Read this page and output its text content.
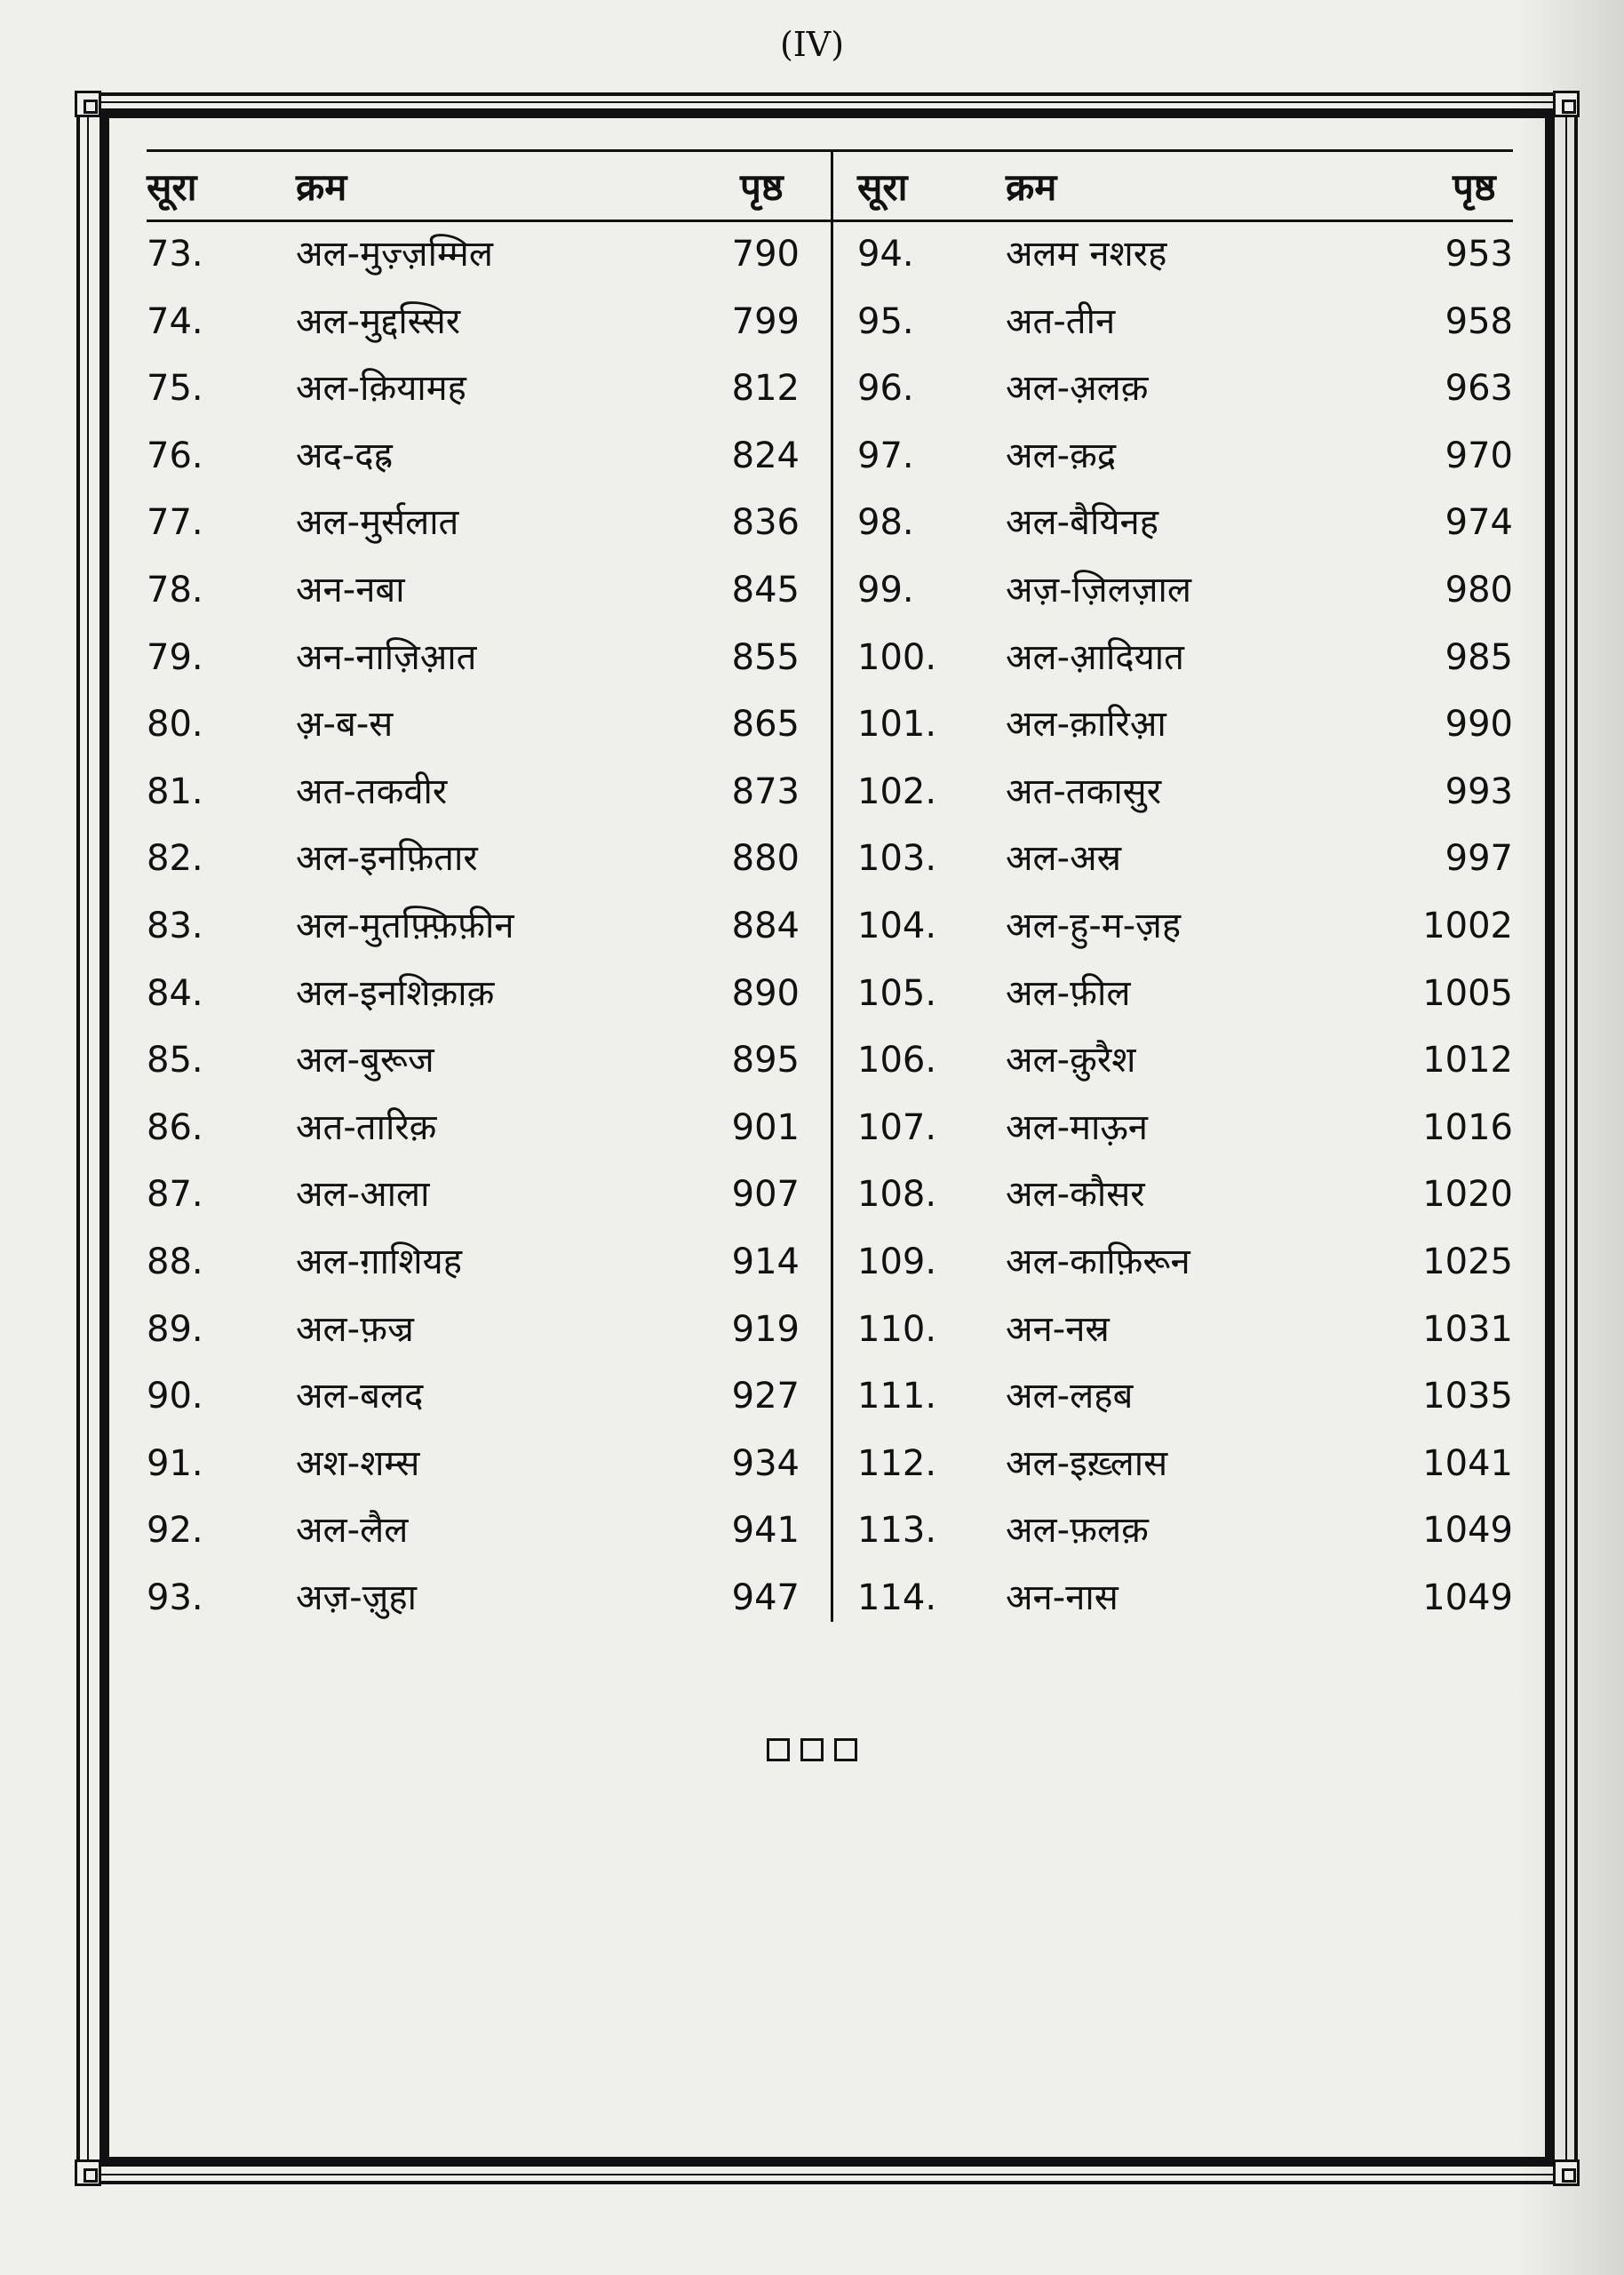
(IV)
सूरा	क्रम	पृष्ठ सूरा	क्रम	पृष्ठ
73.	अल-मुज़्ज़म्मिल	790 94.	अलम नशरह	953
74.	अल-मुद्दस्सिर	799 95.	अत-तीन	958
75.	अल-क़ियामह	812 96.	अल-अ़लक़	963
76.	अद-दह्र	824 97.	अल-क़द्र	970
77.	अल-मुर्सलात	836 98.	अल-बैयिनह	974
78.	अन-नबा	845 99.	अज़-ज़िलज़ाल	980
79.	अन-नाज़िआ़त	855 100. अल-आ़दियात	985
80.	अ़-ब-स	865 101. अल-क़ारिआ़	990
81.	अत-तकवीर	873 102. अत-तकासुर	993
82.	अल-इनफ़ितार	880 103. अल-अस्र	997
83.	अल-मुतफ़्फ़िफ़ीन	884 104. अल-हु-म-ज़ह	1002
84.	अल-इनशिक़ाक़	890 105. अल-फ़ील	1005
85.	अल-बुरूज	895 106. अल-क़ुरैश	1012
86.	अत-तारिक़	901 107. अल-माऊ़न	1016
87.	अल-आला	907 108. अल-कौसर	1020
88.	अल-ग़ाशियह	914 109. अल-काफ़िरून	1025
89.	अल-फ़ज्र	919 110. अन-नस्र	1031
90.	अल-बलद	927 111. अल-लहब	1035
91.	अश-शम्स	934 112. अल-इख़्लास	1041
92.	अल-लैल	941 113. अल-फ़लक़	1049
93.	अज़-ज़ुहा	947 114. अन-नास	1049
